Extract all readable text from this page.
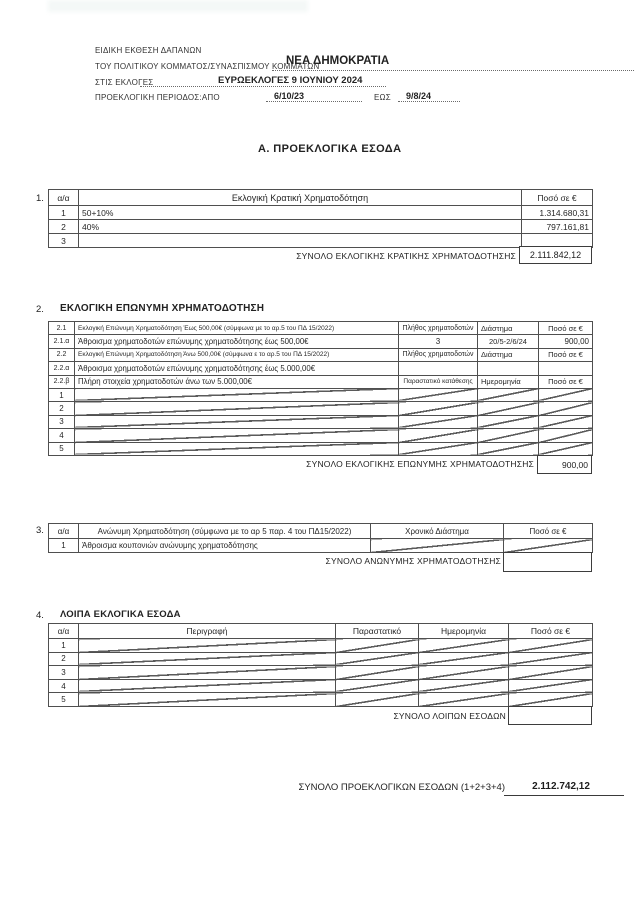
ΕΙΔΙΚΗ ΕΚΘΕΣΗ ΔΑΠΑΝΩΝ
ΤΟΥ ΠΟΛΙΤΙΚΟΥ ΚΟΜΜΑΤΟΣ/ΣΥΝΑΣΠΙΣΜΟΥ ΚΟΜΜΑΤΩΝ
ΝΕΑ ΔΗΜΟΚΡΑΤΙΑ
ΣΤΙΣ ΕΚΛΟΓΕΣ	ΕΥΡΩΕΚΛΟΓΕΣ 9 ΙΟΥΝΙΟΥ 2024
ΠΡΟΕΚΛΟΓΙΚΗ ΠΕΡΙΟΔΟΣ:ΑΠΟ	6/10/23	ΕΩΣ 9/8/24
Α. ΠΡΟΕΚΛΟΓΙΚΑ ΕΣΟΔΑ
1. α/α	Εκλογική Κρατική Χρηματοδότηση	Ποσό σε €
1	50+10%	1.314.680,31
2	40%	797.161,81
3		
ΣΥΝΟΛΟ ΕΚΛΟΓΙΚΗΣ ΚΡΑΤΙΚΗΣ ΧΡΗΜΑΤΟΔΟΤΗΣΗΣ	2.111.842,12
2. ΕΚΛΟΓΙΚΗ ΕΠΩΝΥΜΗ ΧΡΗΜΑΤΟΔΟΤΗΣΗ
2.1	Εκλογική Επώνυμη Χρηματοδότηση Έως 500,00€ (σύμφωνα με το αρ.5 του ΠΔ 15/2022)	Πλήθος χρηματοδοτών	Διάστημα	Ποσό σε €
2.1.α	Άθροισμα χρηματοδοτών επώνυμης χρηματοδότησης έως 500,00€	3	20/5-2/6/24	900,00
2.2	Εκλογική Επώνυμη Χρηματοδότηση Άνω 500,00€ (σύμφωνα ε το αρ.5 του ΠΔ 15/2022)	Πλήθος χρηματοδοτών	Διάστημα	Ποσό σε €
2.2.α	Άθροισμα χρηματοδοτών επώνυμης χρηματοδότησης έως 5.000,00€			
2.2.β	Πλήρη στοιχεία χρηματοδοτών άνω των 5.000,00€	Παραστατικό κατάθεσης	Ημερομηνία	Ποσό σε €
1				
2				
3				
4				
5				
ΣΥΝΟΛΟ ΕΚΛΟΓΙΚΗΣ ΕΠΩΝΥΜΗΣ ΧΡΗΜΑΤΟΔΟΤΗΣΗΣ	900,00
3. α/α	Ανώνυμη Χρηματοδότηση (σύμφωνα με το αρ 5 παρ. 4 του ΠΔ15/2022)	Χρονικό Διάστημα	Ποσό σε €
1	Άθροισμα κουπονιών ανώνυμης χρηματοδότησης		
ΣΥΝΟΛΟ ΑΝΩΝΥΜΗΣ ΧΡΗΜΑΤΟΔΟΤΗΣΗΣ
4. ΛΟΙΠΑ ΕΚΛΟΓΙΚΑ ΕΣΟΔΑ
α/α	Περιγραφή	Παραστατικό	Ημερομηνία	Ποσό σε €
1				
2				
3				
4				
5				
ΣΥΝΟΛΟ ΛΟΙΠΩΝ ΕΣΟΔΩΝ
ΣΥΝΟΛΟ ΠΡΟΕΚΛΟΓΙΚΩΝ ΕΣΟΔΩΝ (1+2+3+4)	2.112.742,12
